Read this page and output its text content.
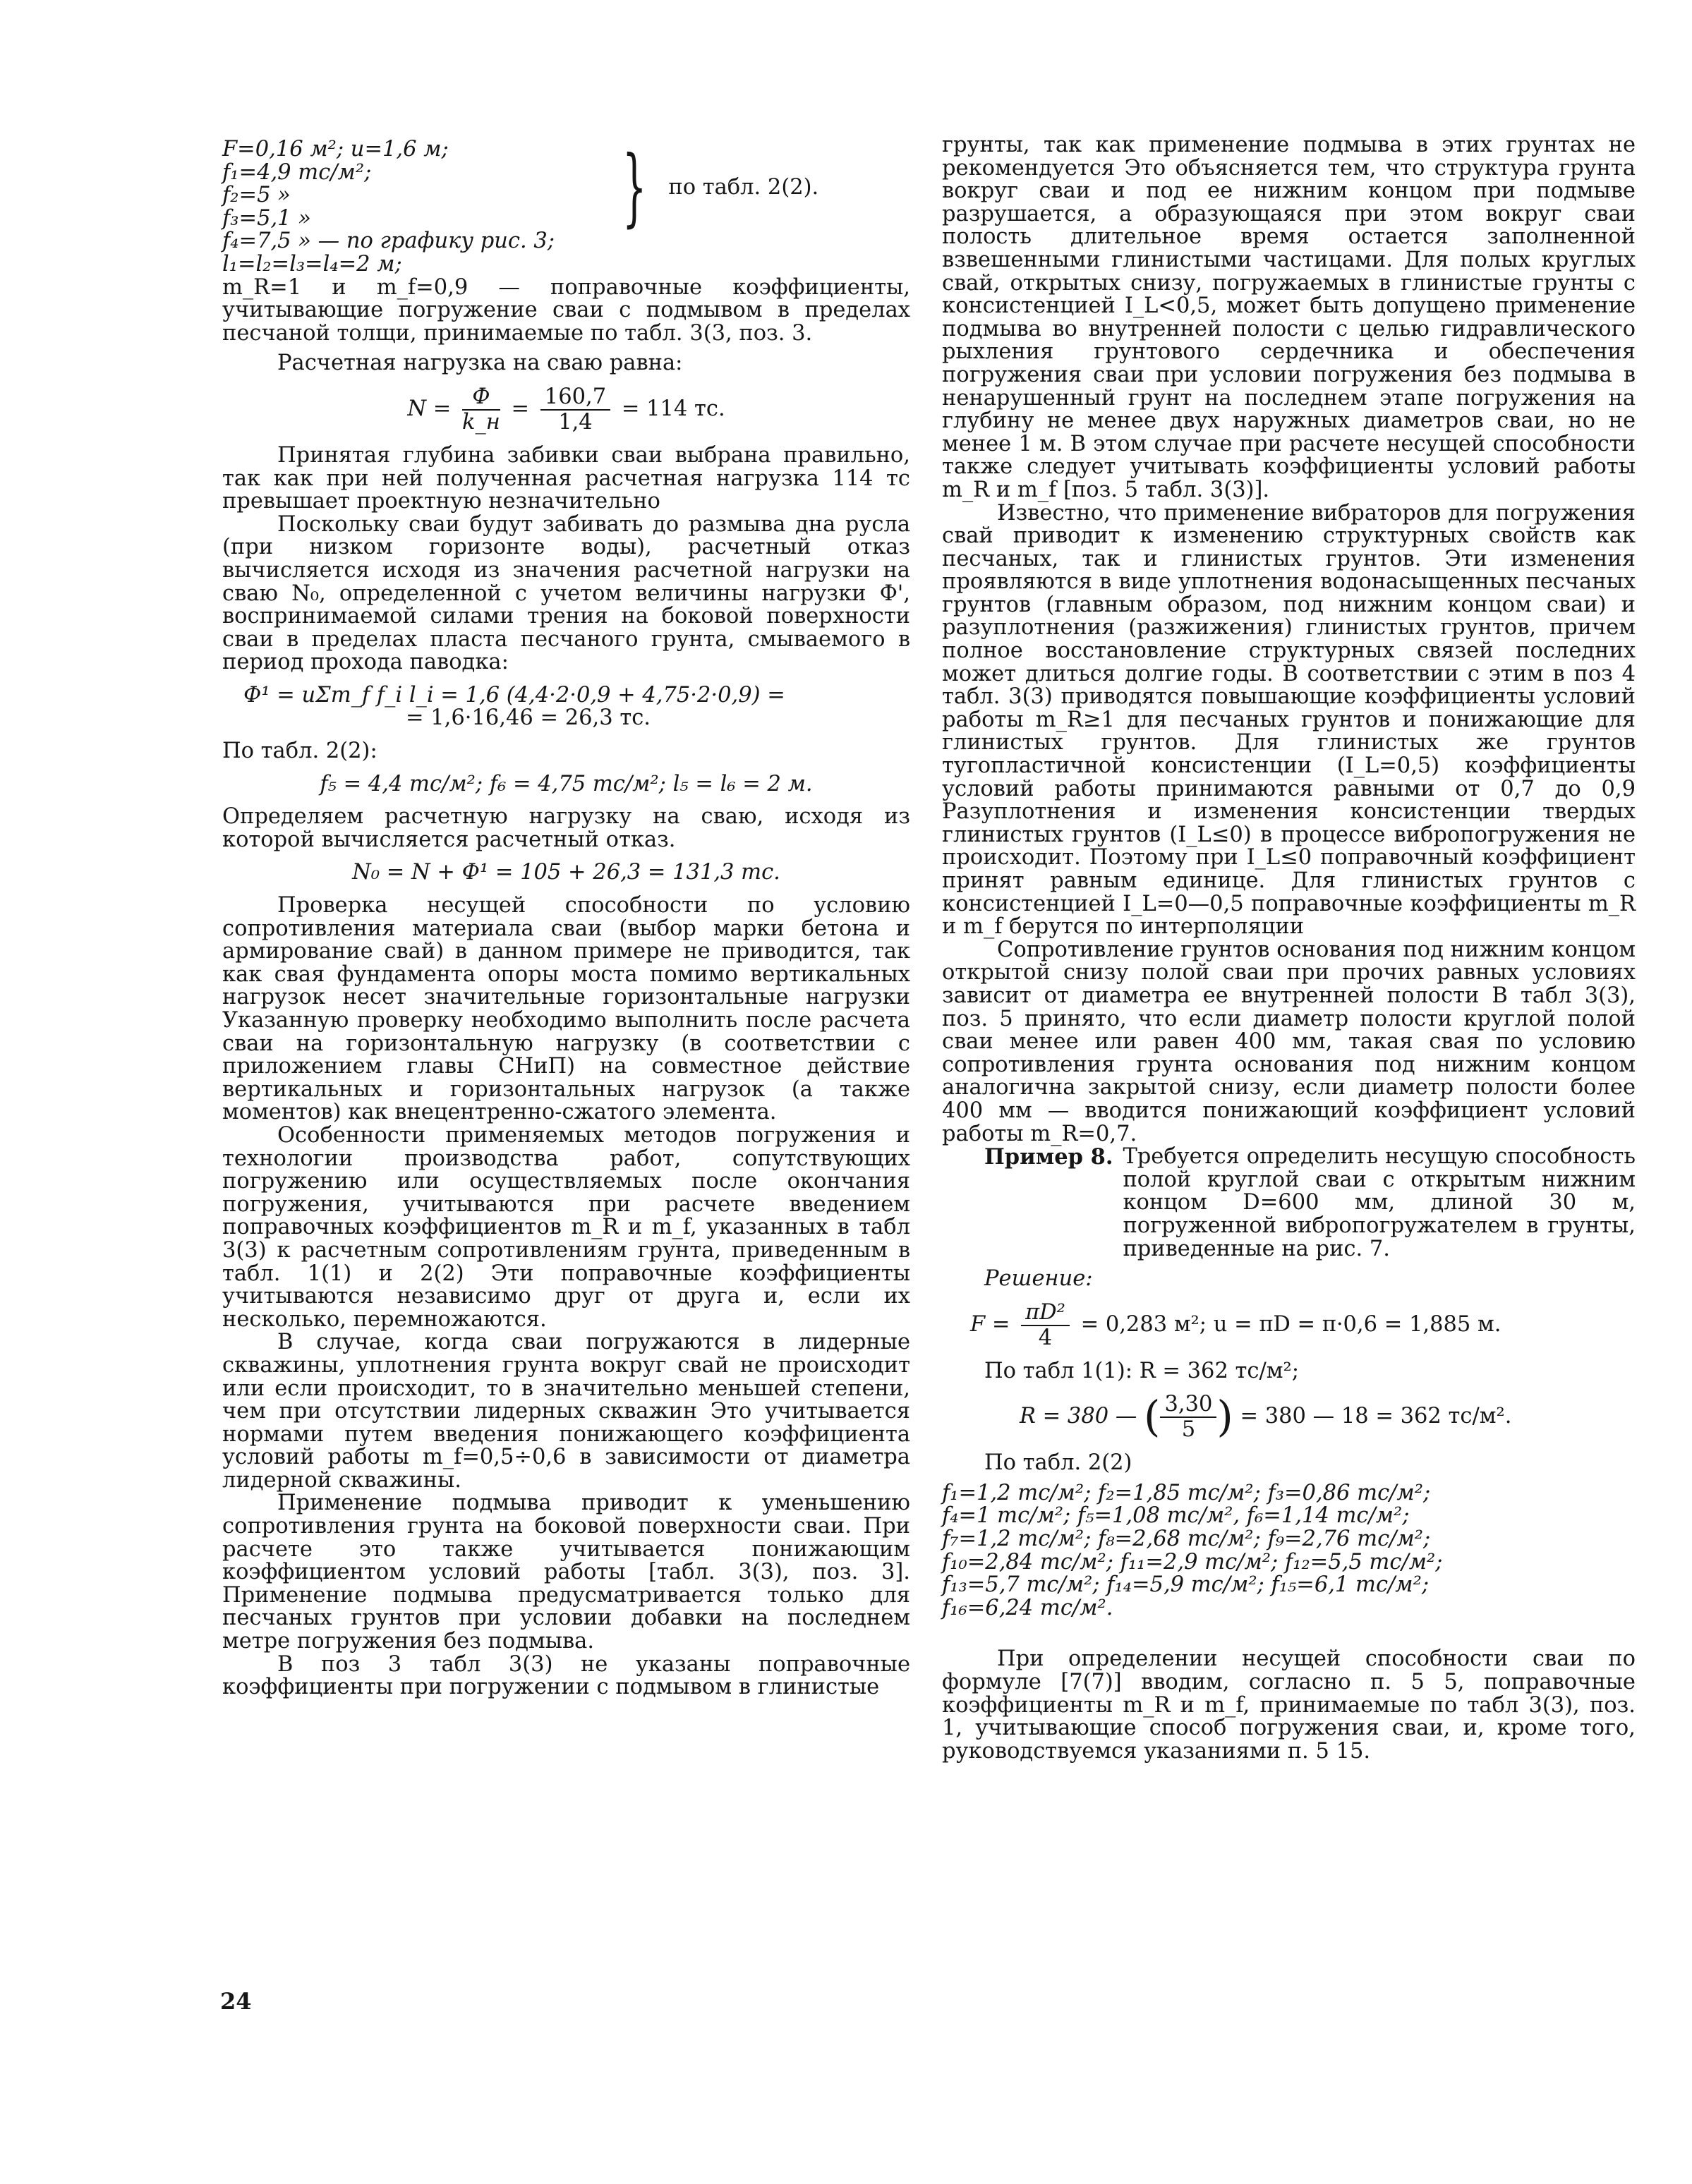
F=0,16 м²; u=1,6 м;
f₁=4,9 тс/м²;
f₂=5 »
f₃=5,1 »
f₄=7,5 » — по графику рис. 3;
l₁=l₂=l₃=l₄=2 м;
} по табл. 2(2).

m_R=1 и m_f=0,9 — поправочные коэффициенты, учитывающие погружение сваи с подмывом в пределах песчаной толщи, принимаемые по табл. 3(3, поз. 3.

Расчетная нагрузка на сваю равна:

$N = \frac{Ф}{k\_н} = \frac{160,7}{1,4} = 114$ тс.

Принятая глубина забивки сваи выбрана правильно, так как при ней полученная расчетная нагрузка 114 тс превышает проектную незначительно

Поскольку сваи будут забивать до размыва дна русла (при низком горизонте воды), расчетный отказ вычисляется исходя из значения расчетной нагрузки на сваю N₀, определенной с учетом величины нагрузки Ф', воспринимаемой силами трения на боковой поверхности сваи в пределах пласта песчаного грунта, смываемого в период прохода паводка:

Ф¹ = uΣm_f f_i l_i = 1,6 (4,4·2·0,9 + 4,75·2·0,9) =
= 1,6·16,46 = 26,3 тс.

По табл. 2(2):

f₅ = 4,4 тс/м²; f₆ = 4,75 тс/м²; l₅ = l₆ = 2 м.

Определяем расчетную нагрузку на сваю, исходя из которой вычисляется расчетный отказ.

N₀ = N + Ф¹ = 105 + 26,3 = 131,3 тс.

Проверка несущей способности по условию сопротивления материала сваи (выбор марки бетона и армирование свай) в данном примере не приводится, так как свая фундамента опоры моста помимо вертикальных нагрузок несет значительные горизонтальные нагрузки Указанную проверку необходимо выполнить после расчета сваи на горизонтальную нагрузку (в соответствии с приложением главы СНиП) на совместное действие вертикальных и горизонтальных нагрузок (а также моментов) как внецентренно-сжатого элемента.

Особенности применяемых методов погружения и технологии производства работ, сопутствующих погружению или осуществляемых после окончания погружения, учитываются при расчете введением поправочных коэффициентов m_R и m_f, указанных в табл 3(3) к расчетным сопротивлениям грунта, приведенным в табл. 1(1) и 2(2) Эти поправочные коэффициенты учитываются независимо друг от друга и, если их несколько, перемножаются.

В случае, когда сваи погружаются в лидерные скважины, уплотнения грунта вокруг свай не происходит или если происходит, то в значительно меньшей степени, чем при отсутствии лидерных скважин Это учитывается нормами путем введения понижающего коэффициента условий работы m_f=0,5÷0,6 в зависимости от диаметра лидерной скважины.

Применение подмыва приводит к уменьшению сопротивления грунта на боковой поверхности сваи. При расчете это также учитывается понижающим коэффициентом условий работы [табл. 3(3), поз. 3]. Применение подмыва предусматривается только для песчаных грунтов при условии добавки на последнем метре погружения без подмыва.

В поз 3 табл 3(3) не указаны поправочные коэффициенты при погружении с подмывом в глинистые

грунты, так как применение подмыва в этих грунтах не рекомендуется Это объясняется тем, что структура грунта вокруг сваи и под ее нижним концом при подмыве разрушается, а образующаяся при этом вокруг сваи полость длительное время остается заполненной взвешенными глинистыми частицами. Для полых круглых свай, открытых снизу, погружаемых в глинистые грунты с консистенцией I_L<0,5, может быть допущено применение подмыва во внутренней полости с целью гидравлического рыхления грунтового сердечника и обеспечения погружения сваи при условии погружения без подмыва в ненарушенный грунт на последнем этапе погружения на глубину не менее двух наружных диаметров сваи, но не менее 1 м. В этом случае при расчете несущей способности также следует учитывать коэффициенты условий работы m_R и m_f [поз. 5 табл. 3(3)].

Известно, что применение вибраторов для погружения свай приводит к изменению структурных свойств как песчаных, так и глинистых грунтов. Эти изменения проявляются в виде уплотнения водонасыщенных песчаных грунтов (главным образом, под нижним концом сваи) и разуплотнения (разжижения) глинистых грунтов, причем полное восстановление структурных связей последних может длиться долгие годы. В соответствии с этим в поз 4 табл. 3(3) приводятся повышающие коэффициенты условий работы m_R≥1 для песчаных грунтов и понижающие для глинистых грунтов. Для глинистых же грунтов тугопластичной консистенции (I_L=0,5) коэффициенты условий работы принимаются равными от 0,7 до 0,9 Разуплотнения и изменения консистенции твердых глинистых грунтов (I_L≤0) в процессе вибропогружения не происходит. Поэтому при I_L≤0 поправочный коэффициент принят равным единице. Для глинистых грунтов с консистенцией I_L=0—0,5 поправочные коэффициенты m_R и m_f берутся по интерполяции

Сопротивление грунтов основания под нижним концом открытой снизу полой сваи при прочих равных условиях зависит от диаметра ее внутренней полости В табл 3(3), поз. 5 принято, что если диаметр полости круглой полой сваи менее или равен 400 мм, такая свая по условию сопротивления грунта основания под нижним концом аналогична закрытой снизу, если диаметр полости более 400 мм — вводится понижающий коэффициент условий работы m_R=0,7.

Пример 8. Требуется определить несущую способность полой круглой сваи с открытым нижним концом D=600 мм, длиной 30 м, погруженной вибропогружателем в грунты, приведенные на рис. 7.

Решение:

$F = \frac{\text{πD²}}{4} = 0,283$ м²; u = πD = π·0,6 = 1,885 м.

По табл 1(1): R = 362 тс/м²;

R = 380 — ( $\frac{3,30}{5}$ ) = 380 — 18 = 362 тс/м².

По табл. 2(2)

f₁=1,2 тс/м²; f₂=1,85 тс/м²; f₃=0,86 тс/м²;
f₄=1 тс/м²; f₅=1,08 тс/м², f₆=1,14 тс/м²;
f₇=1,2 тс/м²; f₈=2,68 тс/м²; f₉=2,76 тс/м²;
f₁₀=2,84 тс/м²; f₁₁=2,9 тс/м²; f₁₂=5,5 тс/м²;
f₁₃=5,7 тс/м²; f₁₄=5,9 тс/м²; f₁₅=6,1 тс/м²;
f₁₆=6,24 тс/м².

При определении несущей способности сваи по формуле [7(7)] вводим, согласно п. 5 5, поправочные коэффициенты m_R и m_f, принимаемые по табл 3(3), поз. 1, учитывающие способ погружения сваи, и, кроме того, руководствуемся указаниями п. 5 15.

24
